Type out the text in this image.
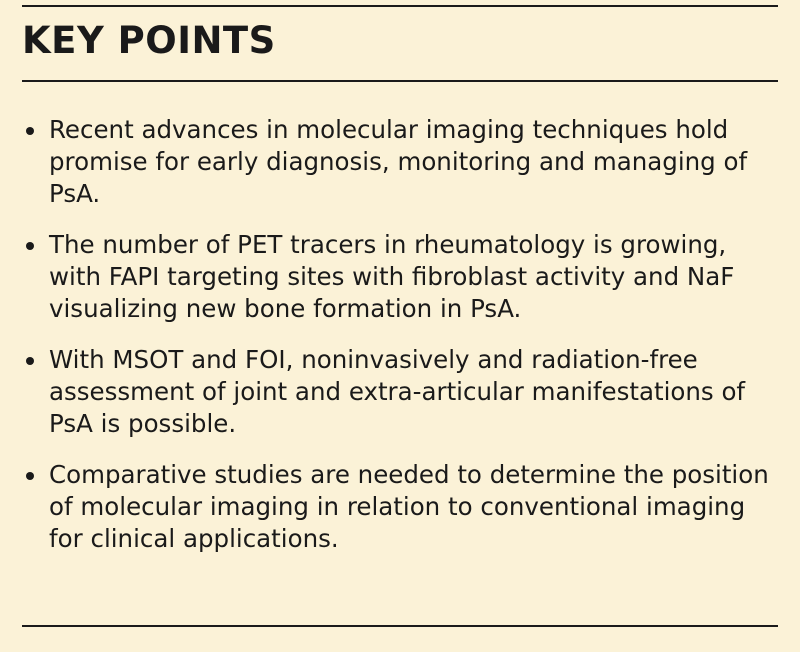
KEY POINTS
Recent advances in molecular imaging techniques hold promise for early diagnosis, monitoring and managing of PsA.
The number of PET tracers in rheumatology is growing, with FAPI targeting sites with fibroblast activity and NaF visualizing new bone formation in PsA.
With MSOT and FOI, noninvasively and radiation-free assessment of joint and extra-articular manifestations of PsA is possible.
Comparative studies are needed to determine the position of molecular imaging in relation to conventional imaging for clinical applications.
